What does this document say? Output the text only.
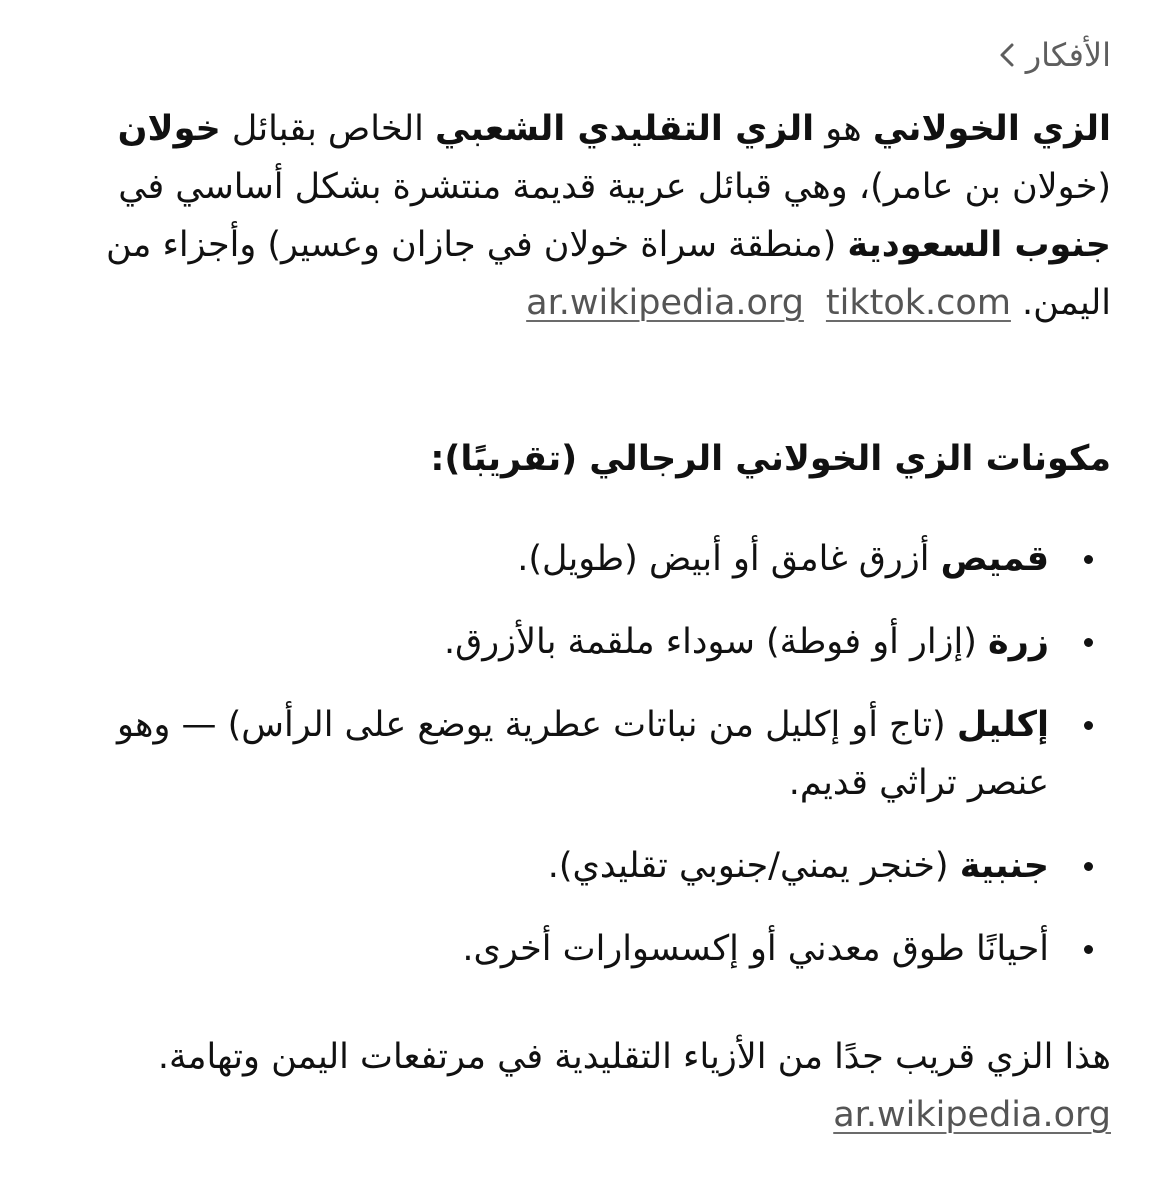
الأفكار

الزي الخولاني هو الزي التقليدي الشعبي الخاص بقبائل خولان (خولان بن عامر)، وهي قبائل عربية قديمة منتشرة بشكل أساسي في جنوب السعودية (منطقة سراة خولان في جازان وعسير) وأجزاء من اليمن. tiktok.comar.wikipedia.org

مكونات الزي الخولاني الرجالي (تقريبًا):
قميص أزرق غامق أو أبيض (طويل).
زرة (إزار أو فوطة) سوداء ملقمة بالأزرق.
إكليل (تاج أو إكليل من نباتات عطرية يوضع على الرأس) — وهو عنصر تراثي قديم.
جنبية (خنجر يمني/جنوبي تقليدي).
أحيانًا طوق معدني أو إكسسوارات أخرى.

هذا الزي قريب جدًا من الأزياء التقليدية في مرتفعات اليمن وتهامة. ar.wikipedia.org
